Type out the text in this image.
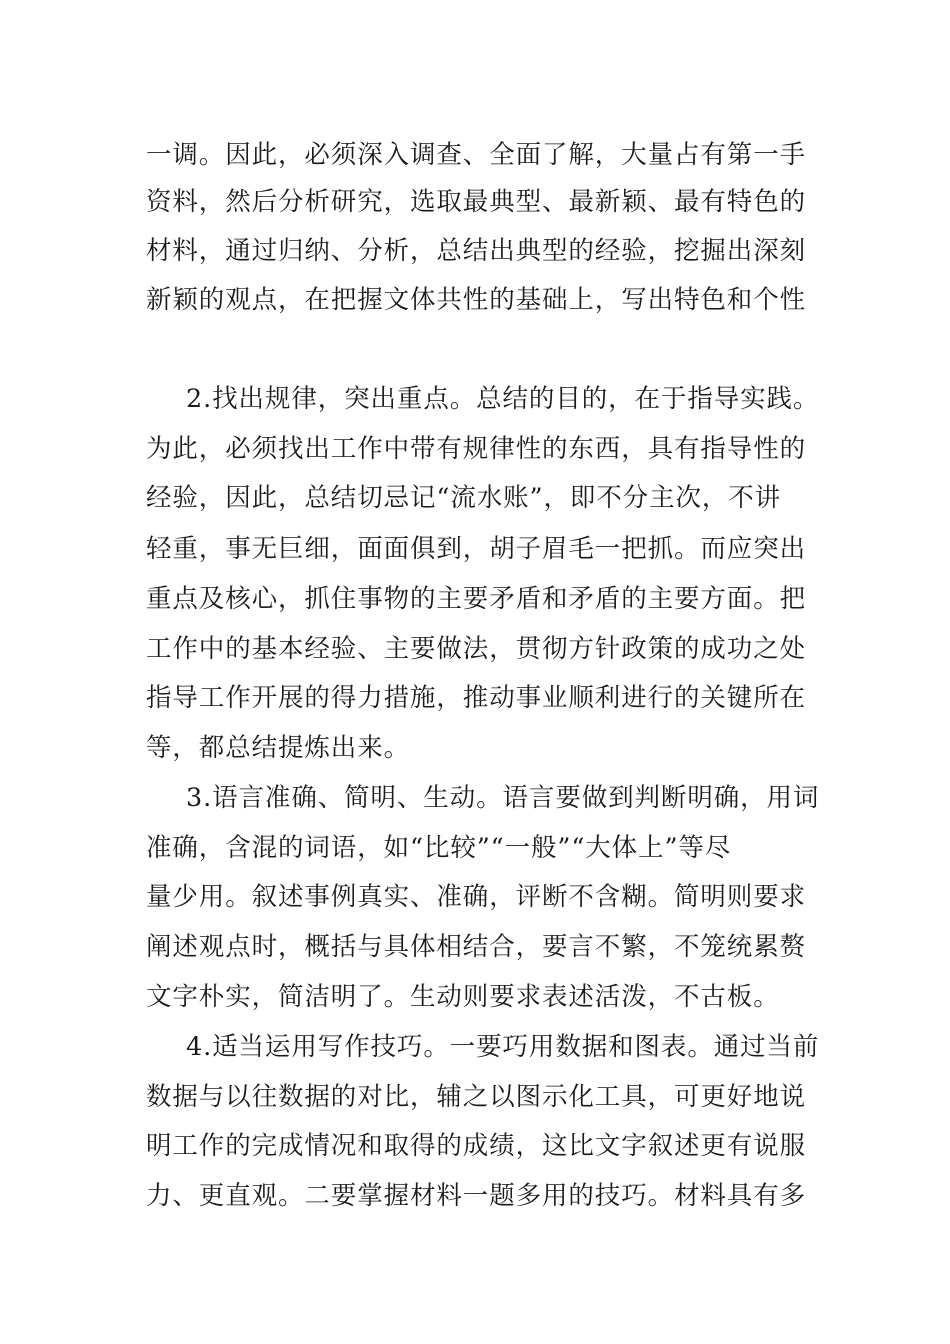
一调。因此，必须深入调查、全面了解，大量占有第一手
资料，然后分析研究，选取最典型、最新颖、最有特色的
材料，通过归纳、分析，总结出典型的经验，挖掘出深刻
新颖的观点，在把握文体共性的基础上，写出特色和个性
2.找出规律，突出重点。总结的目的，在于指导实践。
为此，必须找出工作中带有规律性的东西，具有指导性的
经验，因此，总结切忌记“流水账”，即不分主次，不讲
轻重，事无巨细，面面俱到，胡子眉毛一把抓。而应突出
重点及核心，抓住事物的主要矛盾和矛盾的主要方面。把
工作中的基本经验、主要做法，贯彻方针政策的成功之处
指导工作开展的得力措施，推动事业顺利进行的关键所在
等，都总结提炼出来。
3.语言准确、简明、生动。语言要做到判断明确，用词
准确，含混的词语，如“比较”“一般”“大体上”等尽
量少用。叙述事例真实、准确，评断不含糊。简明则要求
阐述观点时，概括与具体相结合，要言不繁，不笼统累赘
文字朴实，简洁明了。生动则要求表述活泼，不古板。
4.适当运用写作技巧。一要巧用数据和图表。通过当前
数据与以往数据的对比，辅之以图示化工具，可更好地说
明工作的完成情况和取得的成绩，这比文字叙述更有说服
力、更直观。二要掌握材料一题多用的技巧。材料具有多
